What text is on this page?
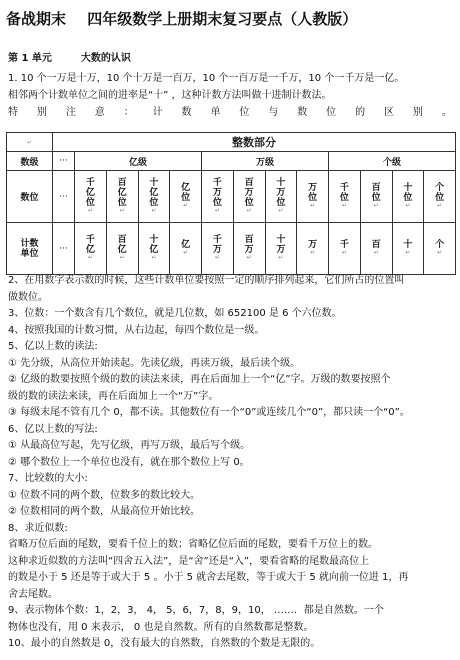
备战期末 四年级数学上册期末复习要点（人教版）
第 1 单元	大数的认识
1. 10 个一万是十万，10 个十万是一百万，10 个一百万是一千万，10 个一千万是一亿。
相邻两个计数单位之间的进率是“十” ，这种计数方法叫做十进制计数法。
特 别 注 意 ： 计 数 单 位 与 数 位 的 区 别 。
↵	整数部分												
数级	···	亿级				万级				个级			
数位	···	千
亿
位
↵	百
亿
位
↵	十
亿
位
↵	亿
位
↵	千
万
位
↵	百
万
位
↵	十
万
位
↵	万
位
↵	千
位
↵	百
位
↵	十
位
↵	个
位
↵

计数
单位	···	千
亿
↵	百
亿
↵	十
亿
↵	亿
↵	千
万
↵	百
万
↵	十
万
↵	万
↵	千
↵	百
↵	十
↵	个
↵
2、在用数字表示数的时候，这些计数单位要按照一定的顺序排列起来，它们所占的位置叫
做数位。
3、位数：一个数含有几个数位，就是几位数，如 652100 是 6 个六位数。
4、按照我国的计数习惯，从右边起，每四个数位是一级。
5、亿以上数的读法:
① 先分级，从高位开始读起。先读亿级，再读万级，最后读个级。
② 亿级的数要按照个级的数的读法来读，再在后面加上一个“亿”字。万级的数要按照个
级的数的读法来读，再在后面加上一个“万”字。
③ 每级末尾不管有几个 0，都不读。其他数位有一个“0”或连续几个“0”，都只读一个“0”。
6、亿以上数的写法:
① 从最高位写起，先写亿级，再写万级，最后写个级。
② 哪个数位上一个单位也没有，就在那个数位上写 0。
7、比较数的大小:
① 位数不同的两个数，位数多的数比较大。
② 位数相同的两个数，从最高位开始比较。
8、求近似数:
省略万位后面的尾数，要看千位上的数；省略亿位后面的尾数，要看千万位上的数。
这种求近似数的方法叫“四舍五入法”，是“舍”还是“入”，要看省略的尾数最高位上
的数是小于 5 还是等于或大于 5 。小于 5 就舍去尾数，等于或大于 5 就向前一位进 1，再
舍去尾数。
9、表示物体个数：1，2，3， 4， 5，6，7，8，9，10， ……．都是自然数。一个
物体也没有，用 0 来表示， 0 也是自然数。所有的自然数都是整数。
10、最小的自然数是 0，没有最大的自然数，自然数的个数是无限的。
